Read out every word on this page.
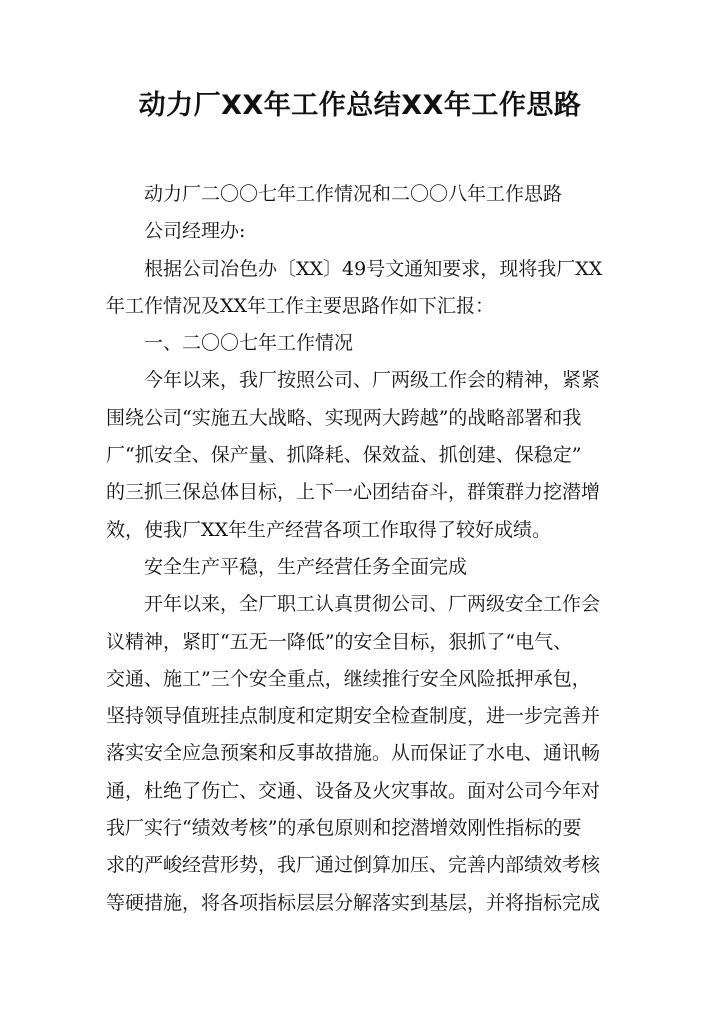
动力厂XX年工作总结XX年工作思路
动力厂二〇〇七年工作情况和二〇〇八年工作思路
公司经理办:
根据公司冶色办〔XX〕49号文通知要求，现将我厂XX
年工作情况及XX年工作主要思路作如下汇报：
一、二〇〇七年工作情况
今年以来，我厂按照公司、厂两级工作会的精神，紧紧
围绕公司“实施五大战略、实现两大跨越”的战略部署和我
厂“抓安全、保产量、抓降耗、保效益、抓创建、保稳定”
的三抓三保总体目标，上下一心团结奋斗，群策群力挖潜增
效，使我厂XX年生产经营各项工作取得了较好成绩。
安全生产平稳，生产经营任务全面完成
开年以来，全厂职工认真贯彻公司、厂两级安全工作会
议精神，紧盯“五无一降低”的安全目标，狠抓了“电气、
交通、施工”三个安全重点，继续推行安全风险抵押承包，
坚持领导值班挂点制度和定期安全检查制度，进一步完善并
落实安全应急预案和反事故措施。从而保证了水电、通讯畅
通，杜绝了伤亡、交通、设备及火灾事故。面对公司今年对
我厂实行“绩效考核”的承包原则和挖潜增效刚性指标的要
求的严峻经营形势，我厂通过倒算加压、完善内部绩效考核
等硬措施，将各项指标层层分解落实到基层，并将指标完成
